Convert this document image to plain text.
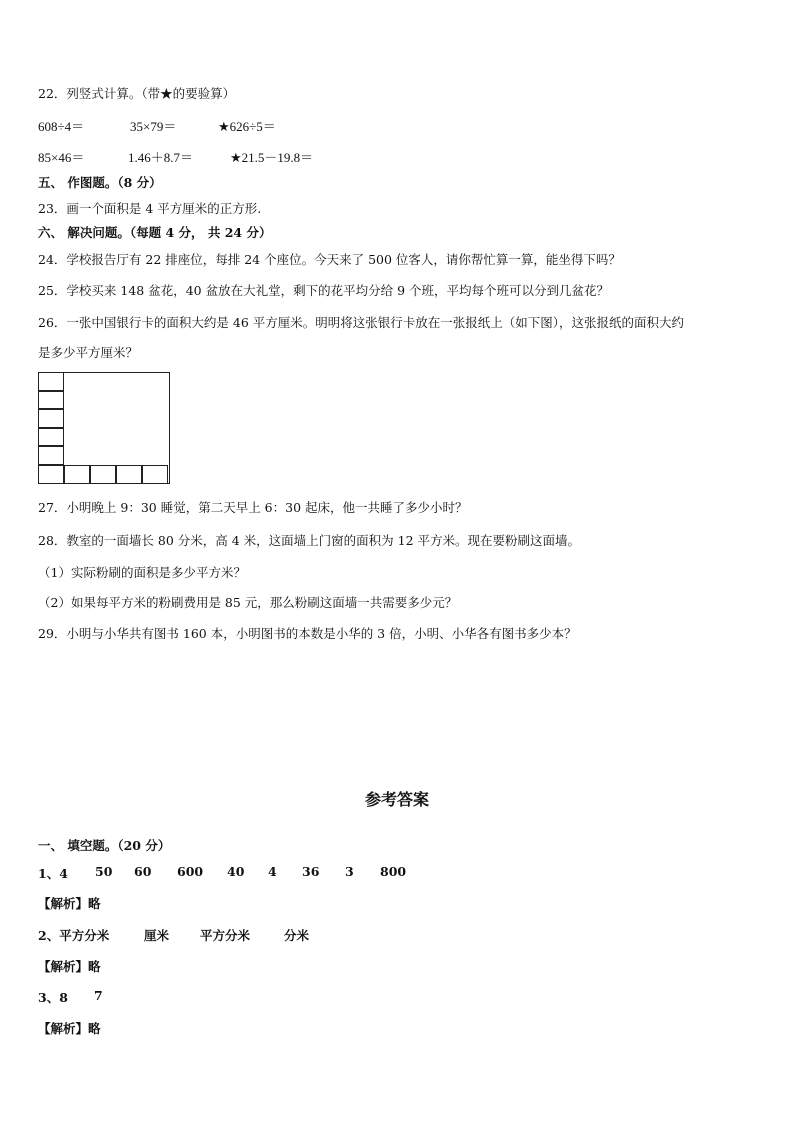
22．列竖式计算。（带★的要验算）
608÷4＝	35×79＝	★626÷5＝
85×46＝	1.46＋8.7＝	★21.5－19.8＝
五、 作图题。（8 分）
23．画一个面积是 4 平方厘米的正方形.
六、 解决问题。（每题 4 分， 共 24 分）
24．学校报告厅有 22 排座位，每排 24 个座位。今天来了 500 位客人，请你帮忙算一算，能坐得下吗？
25．学校买来 148 盆花，40 盆放在大礼堂，剩下的花平均分给 9 个班，平均每个班可以分到几盆花？
26．一张中国银行卡的面积大约是 46 平方厘米。明明将这张银行卡放在一张报纸上（如下图），这张报纸的面积大约
是多少平方厘米？
27．小明晚上 9：30 睡觉，第二天早上 6：30 起床，他一共睡了多少小时？
28．教室的一面墙长 80 分米，高 4 米，这面墙上门窗的面积为 12 平方米。现在要粉刷这面墙。
（1）实际粉刷的面积是多少平方米？
（2）如果每平方米的粉刷费用是 85 元，那么粉刷这面墙一共需要多少元？
29．小明与小华共有图书 160 本，小明图书的本数是小华的 3 倍，小明、小华各有图书多少本？
参考答案
一、 填空题。（20 分）
1、4 50 60 600 40 4 36 3 800
【解析】略
2、平方分米	厘米 平方分米	分米
【解析】略
3、8 7
【解析】略
